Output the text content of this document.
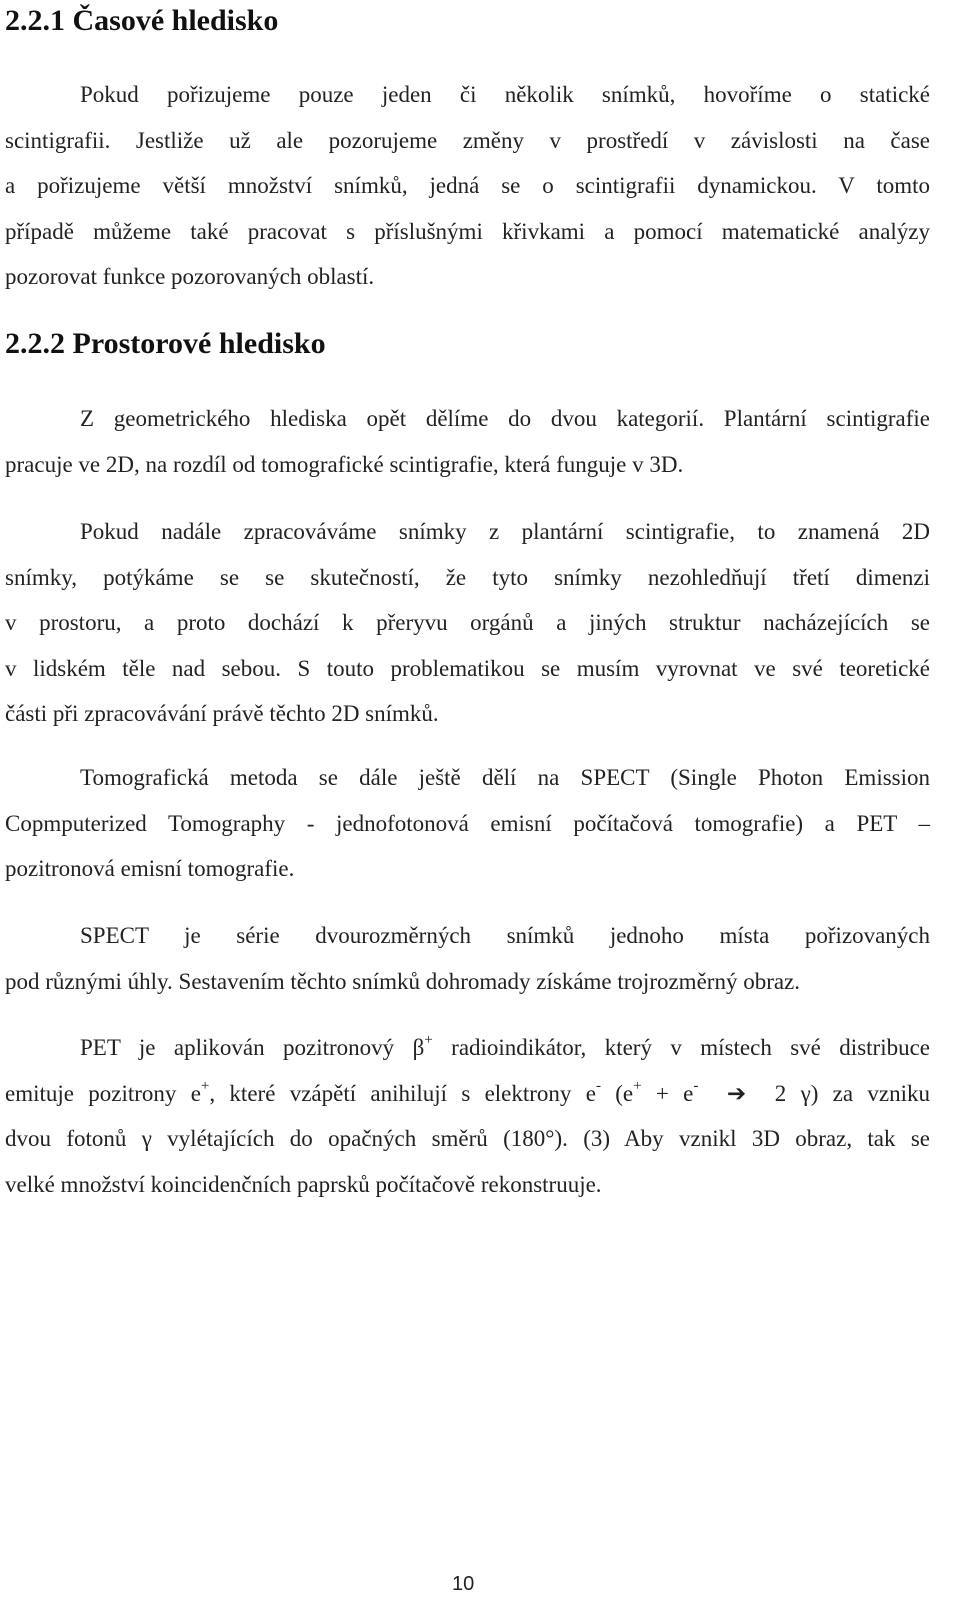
2.2.1 Časové hledisko
Pokud pořizujeme pouze jeden či několik snímků, hovoříme o statické
scintigrafii. Jestliže už ale pozorujeme změny v prostředí v závislosti na čase
a pořizujeme větší množství snímků, jedná se o scintigrafii dynamickou. V tomto
případě můžeme také pracovat s příslušnými křivkami a pomocí matematické analýzy
pozorovat funkce pozorovaných oblastí.
2.2.2 Prostorové hledisko
Z geometrického hlediska opět dělíme do dvou kategorií. Plantární scintigrafie
pracuje ve 2D, na rozdíl od tomografické scintigrafie, která funguje v 3D.
Pokud nadále zpracováváme snímky z plantární scintigrafie, to znamená 2D
snímky, potýkáme se se skutečností, že tyto snímky nezohledňují třetí dimenzi
v prostoru, a proto dochází k přeryvu orgánů a jiných struktur nacházejících se
v lidském těle nad sebou. S touto problematikou se musím vyrovnat ve své teoretické
části při zpracovávání právě těchto 2D snímků.
Tomografická metoda se dále ještě dělí na SPECT (Single Photon Emission
Copmputerized Tomography - jednofotonová emisní počítačová tomografie) a PET –
pozitronová emisní tomografie.
SPECT je série dvourozměrných snímků jednoho místa pořizovaných
pod různými úhly. Sestavením těchto snímků dohromady získáme trojrozměrný obraz.
PET je aplikován pozitronový β+ radioindikátor, který v místech své distribuce
emituje pozitrony e+, které vzápětí anihilují s elektrony e- (e+ + e-  ➔  2 γ) za vzniku
dvou fotonů γ vylétajících do opačných směrů (180°). (3) Aby vznikl 3D obraz, tak se
velké množství koincidenčních paprsků počítačově rekonstruuje.
10
